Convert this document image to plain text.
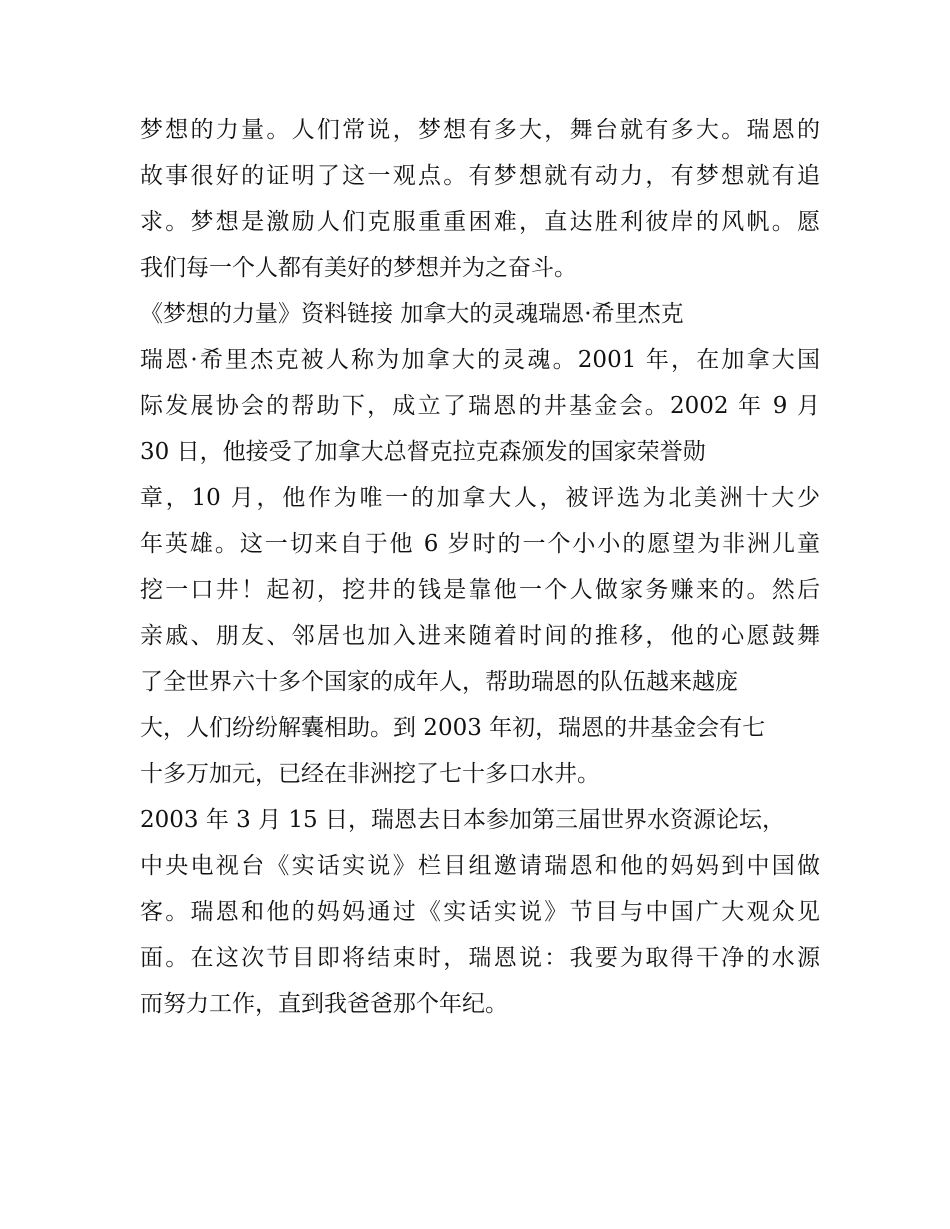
梦想的力量。人们常说，梦想有多大，舞台就有多大。瑞恩的
故事很好的证明了这一观点。有梦想就有动力，有梦想就有追
求。梦想是激励人们克服重重困难，直达胜利彼岸的风帆。愿
我们每一个人都有美好的梦想并为之奋斗。
《梦想的力量》资料链接 加拿大的灵魂瑞恩·希里杰克
瑞恩·希里杰克被人称为加拿大的灵魂。2001 年，在加拿大国
际发展协会的帮助下，成立了瑞恩的井基金会。2002 年 9 月
30 日，他接受了加拿大总督克拉克森颁发的国家荣誉勋
章，10 月，他作为唯一的加拿大人，被评选为北美洲十大少
年英雄。这一切来自于他 6 岁时的一个小小的愿望为非洲儿童
挖一口井！起初，挖井的钱是靠他一个人做家务赚来的。然后
亲戚、朋友、邻居也加入进来随着时间的推移，他的心愿鼓舞
了全世界六十多个国家的成年人，帮助瑞恩的队伍越来越庞
大，人们纷纷解囊相助。到 2003 年初，瑞恩的井基金会有七
十多万加元，已经在非洲挖了七十多口水井。
2003 年 3 月 15 日，瑞恩去日本参加第三届世界水资源论坛，
中央电视台《实话实说》栏目组邀请瑞恩和他的妈妈到中国做
客。瑞恩和他的妈妈通过《实话实说》节目与中国广大观众见
面。在这次节目即将结束时，瑞恩说：我要为取得干净的水源
而努力工作，直到我爸爸那个年纪。
